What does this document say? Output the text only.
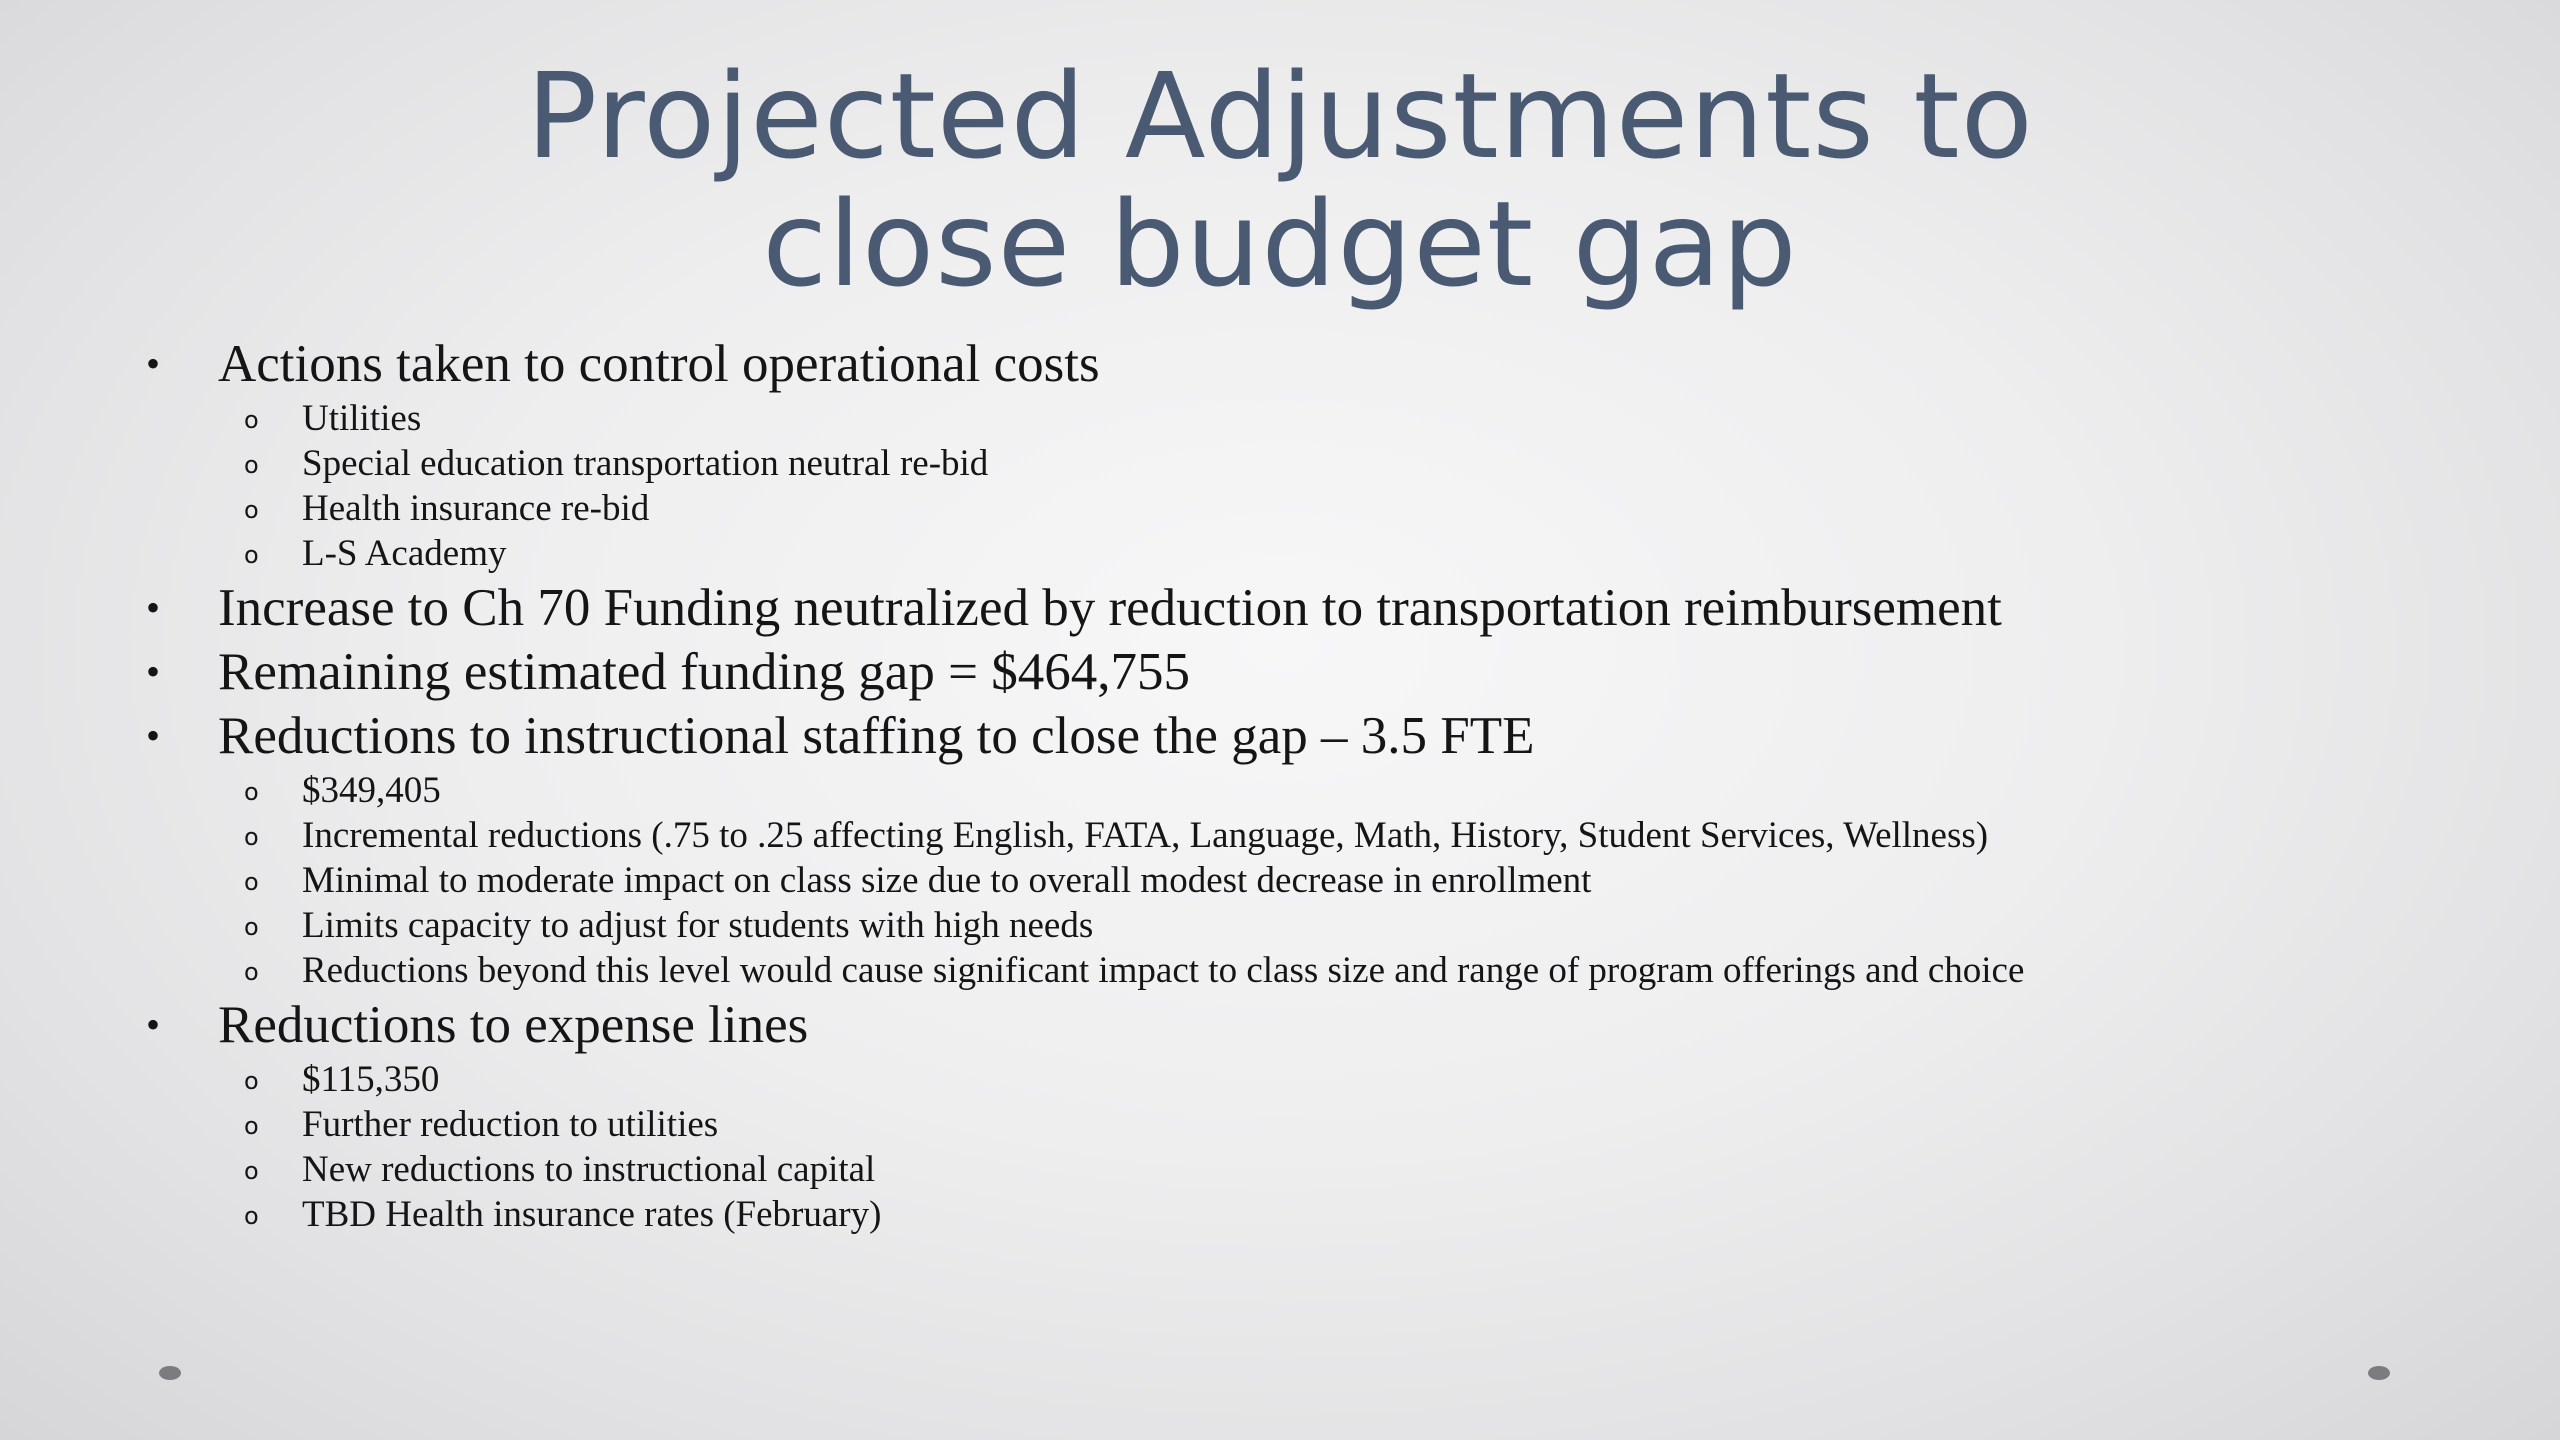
Projected Adjustments to
close budget gap
• Actions taken to control operational costs
o Utilities
o Special education transportation neutral re-bid
o Health insurance re-bid
o L-S Academy
• Increase to Ch 70 Funding neutralized by reduction to transportation reimbursement
• Remaining estimated funding gap = $464,755
• Reductions to instructional staffing to close the gap – 3.5 FTE
o $349,405
o Incremental reductions (.75 to .25 affecting English, FATA, Language, Math, History, Student Services, Wellness)
o Minimal to moderate impact on class size due to overall modest decrease in enrollment
o Limits capacity to adjust for students with high needs
o Reductions beyond this level would cause significant impact to class size and range of program offerings and choice
• Reductions to expense lines
o $115,350
o Further reduction to utilities
o New reductions to instructional capital
o TBD Health insurance rates (February)
